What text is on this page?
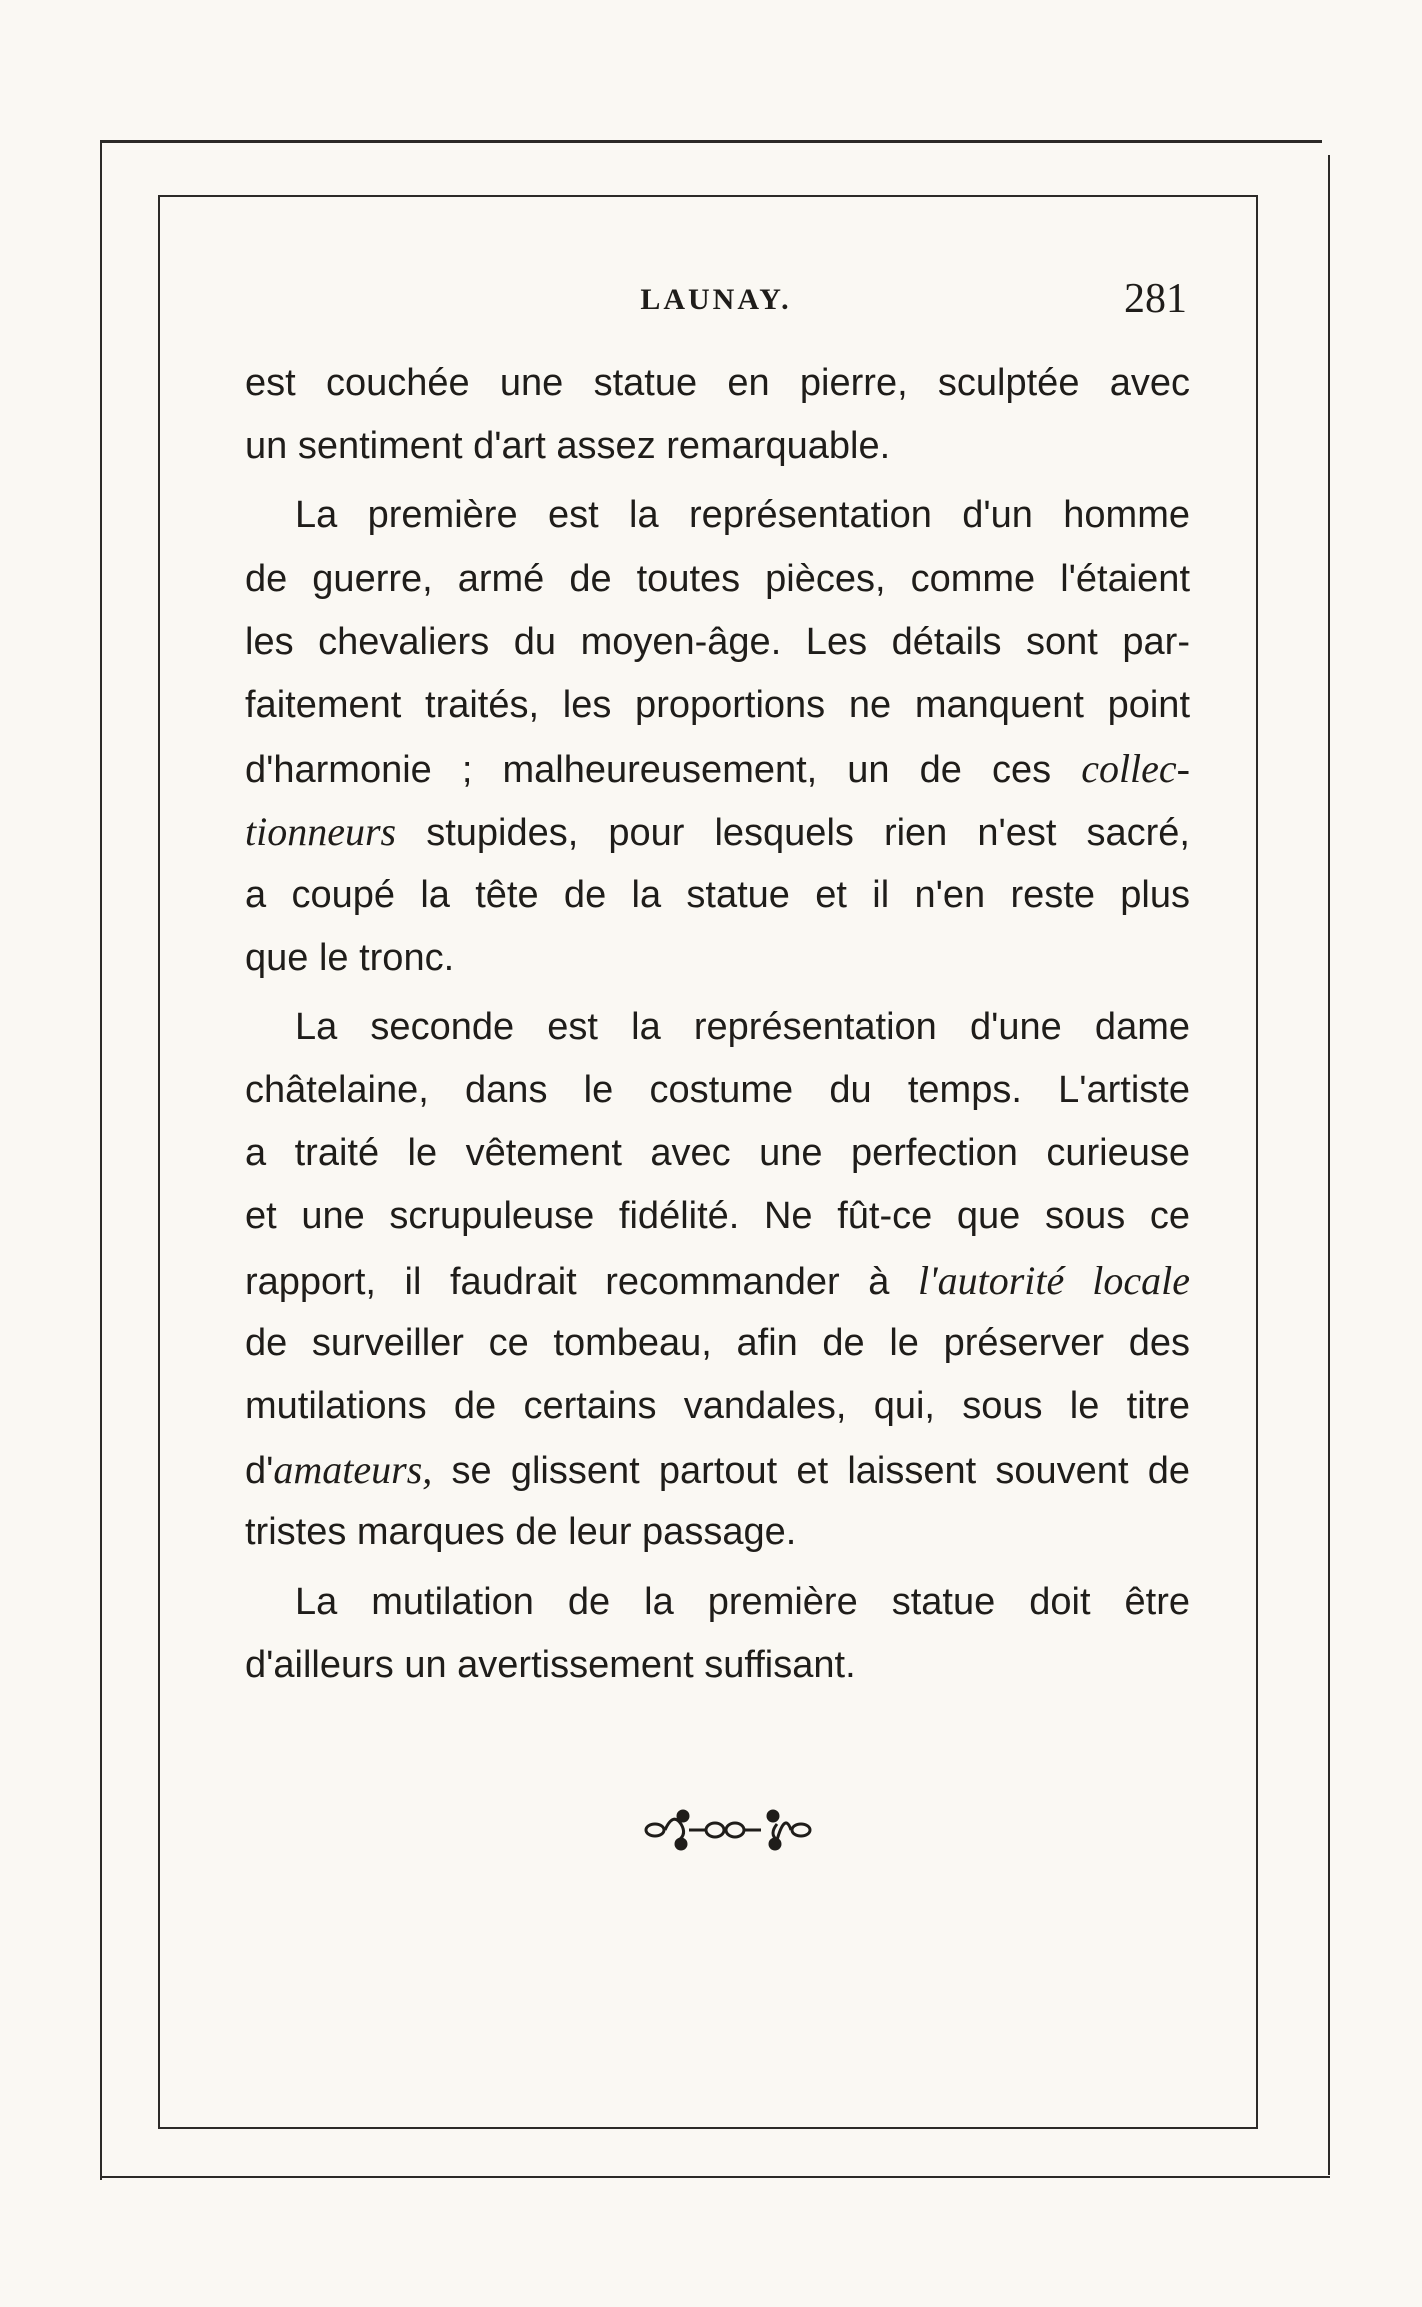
LAUNAY.	281
est couchée une statue en pierre, sculptée avec
un sentiment d'art assez remarquable.
La première est la représentation d'un homme
de guerre, armé de toutes pièces, comme l'étaient
les chevaliers du moyen-âge. Les détails sont par-
faitement traités, les proportions ne manquent point
d'harmonie ; malheureusement, un de ces collec-
tionneurs stupides, pour lesquels rien n'est sacré,
a coupé la tête de la statue et il n'en reste plus
que le tronc.
La seconde est la représentation d'une dame
châtelaine, dans le costume du temps. L'artiste
a traité le vêtement avec une perfection curieuse
et une scrupuleuse fidélité. Ne fût-ce que sous ce
rapport, il faudrait recommander à l'autorité locale
de surveiller ce tombeau, afin de le préserver des
mutilations de certains vandales, qui, sous le titre
d'amateurs, se glissent partout et laissent souvent de
tristes marques de leur passage.
La mutilation de la première statue doit être
d'ailleurs un avertissement suffisant.
